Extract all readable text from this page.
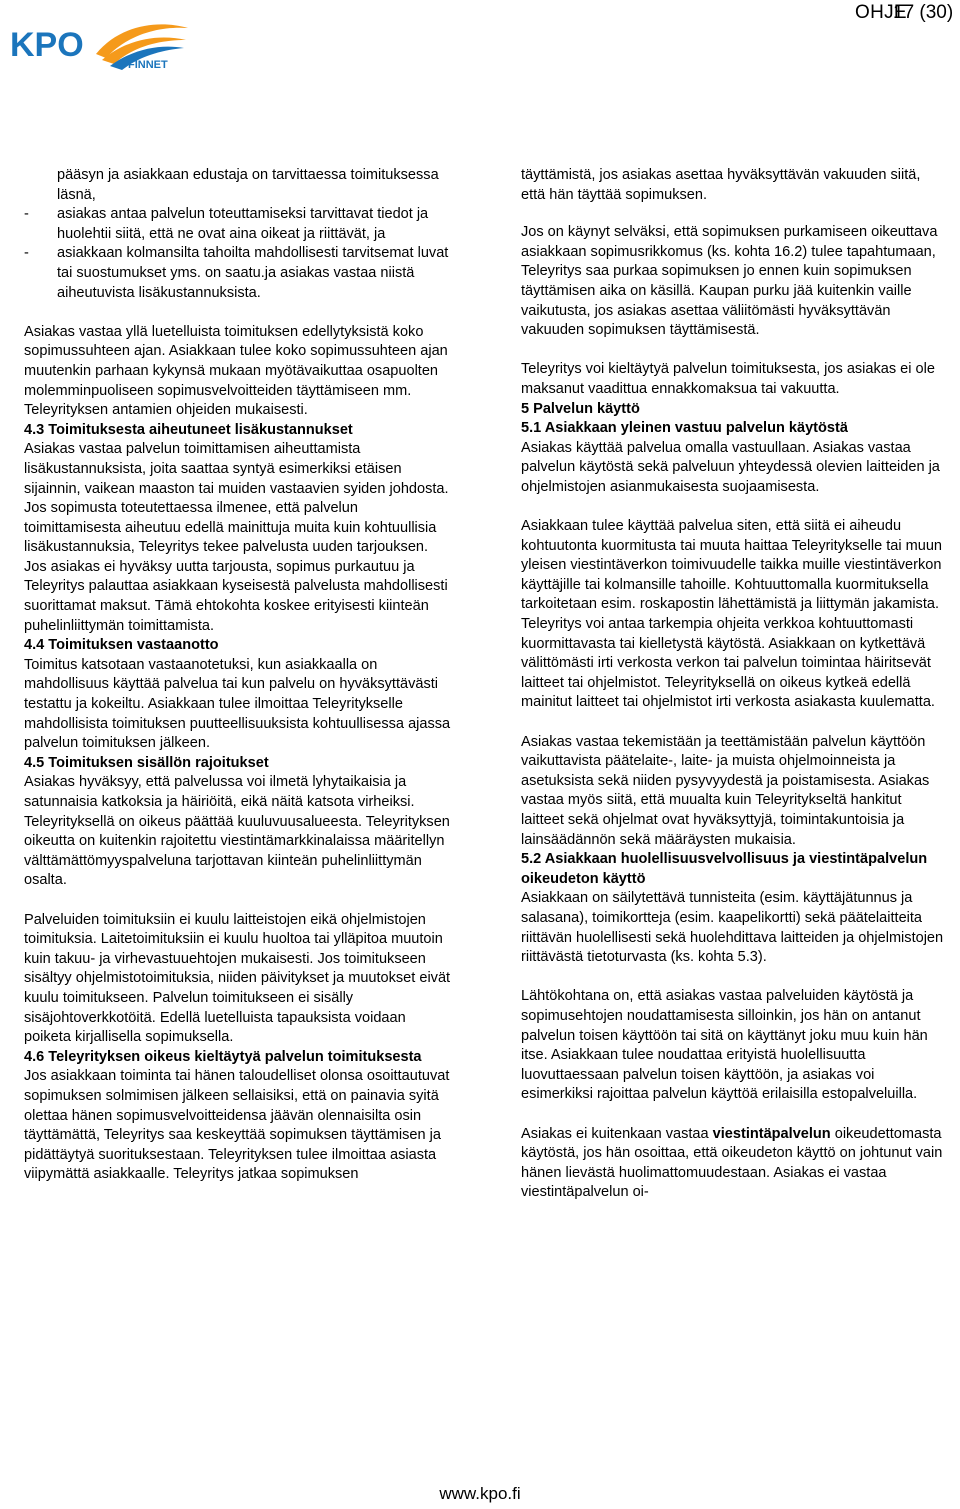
KPO
FINNET
OHJE
17 (30)

pääsyn ja asiakkaan edustaja on tarvittaessa toimituksessa läsnä,

-	asiakas antaa palvelun toteuttamiseksi tarvittavat tiedot ja huolehtii siitä, että ne ovat aina oikeat ja riittävät, ja
-	asiakkaan kolmansilta tahoilta mahdollisesti tarvitsemat luvat tai suostumukset yms. on saatu.ja asiakas vastaa niistä aiheutuvista lisäkustannuksista.

Asiakas vastaa yllä luetelluista toimituksen edellytyksistä koko sopimussuhteen ajan. Asiakkaan tulee koko sopimussuhteen ajan muutenkin parhaan kykynsä mukaan myötävaikuttaa osapuolten molemminpuoliseen sopimusvelvoitteiden täyttämiseen mm. Teleyrityksen antamien ohjeiden mukaisesti.

4.3 Toimituksesta aiheutuneet lisäkustannukset

Asiakas vastaa palvelun toimittamisen aiheuttamista lisäkustannuksista, joita saattaa syntyä esimerkiksi etäisen sijainnin, vaikean maaston tai muiden vastaavien syiden johdosta. Jos sopimusta toteutettaessa ilmenee, että palvelun toimittamisesta aiheutuu edellä mainittuja muita kuin kohtuullisia lisäkustannuksia, Teleyritys tekee palvelusta uuden tarjouksen. Jos asiakas ei hyväksy uutta tarjousta, sopimus purkautuu ja Teleyritys palauttaa asiakkaan kyseisestä palvelusta mahdollisesti suorittamat maksut. Tämä ehtokohta koskee erityisesti kiinteän puhelinliittymän toimittamista.

4.4 Toimituksen vastaanotto

Toimitus katsotaan vastaanotetuksi, kun asiakkaalla on mahdollisuus käyttää palvelua tai kun palvelu on hyväksyttävästi testattu ja kokeiltu. Asiakkaan tulee ilmoittaa Teleyritykselle mahdollisista toimituksen puutteellisuuksista kohtuullisessa ajassa palvelun toimituksen jälkeen.

4.5 Toimituksen sisällön rajoitukset

Asiakas hyväksyy, että palvelussa voi ilmetä lyhytaikaisia ja satunnaisia katkoksia ja häiriöitä, eikä näitä katsota virheiksi. Teleyrityksellä on oikeus päättää kuuluvuusalueesta. Teleyrityksen oikeutta on kuitenkin rajoitettu viestintämarkkinalaissa määritellyn välttämättömyyspalveluna tarjottavan kiinteän puhelinliittymän osalta.

Palveluiden toimituksiin ei kuulu laitteistojen eikä ohjelmistojen toimituksia. Laitetoimituksiin ei kuulu huoltoa tai ylläpitoa muutoin kuin takuu- ja virhevastuuehtojen mukaisesti. Jos toimitukseen sisältyy ohjelmistotoimituksia, niiden päivitykset ja muutokset eivät kuulu toimitukseen. Palvelun toimitukseen ei sisälly sisäjohtoverkkotöitä. Edellä luetelluista tapauksista voidaan poiketa kirjallisella sopimuksella.

4.6 Teleyrityksen oikeus kieltäytyä palvelun toimituksesta

Jos asiakkaan toiminta tai hänen taloudelliset olonsa osoittautuvat sopimuksen solmimisen jälkeen sellaisiksi, että on painavia syitä olettaa hänen sopimusvelvoitteidensa jäävän olennaisilta osin täyttämättä, Teleyritys saa keskeyttää sopimuksen täyttämisen ja pidättäytyä suorituksestaan. Teleyrityksen tulee ilmoittaa asiasta viipymättä asiakkaalle. Teleyritys jatkaa sopimuksen

täyttämistä, jos asiakas asettaa hyväksyttävän vakuuden siitä, että hän täyttää sopimuksen.

Jos on käynyt selväksi, että sopimuksen purkamiseen oikeuttava asiakkaan sopimusrikkomus (ks. kohta 16.2) tulee tapahtumaan, Teleyritys saa purkaa sopimuksen jo ennen kuin sopimuksen täyttämisen aika on käsillä. Kaupan purku jää kuitenkin vaille vaikutusta, jos asiakas asettaa väliitömästi hyväksyttävän vakuuden sopimuksen täyttämisestä.

Teleyritys voi kieltäytyä palvelun toimituksesta, jos asiakas ei ole maksanut vaadittua ennakkomaksua tai vakuutta.

5 Palvelun käyttö

5.1 Asiakkaan yleinen vastuu palvelun käytöstä

Asiakas käyttää palvelua omalla vastuullaan. Asiakas vastaa palvelun käytöstä sekä palveluun yhteydessä olevien laitteiden ja ohjelmistojen asianmukaisesta suojaamisesta.

Asiakkaan tulee käyttää palvelua siten, että siitä ei aiheudu kohtuutonta kuormitusta tai muuta haittaa Teleyritykselle tai muun yleisen viestintäverkon toimivuudelle taikka muille viestintäverkon käyttäjille tai kolmansille tahoille. Kohtuuttomalla kuormituksella tarkoitetaan esim. roskapostin lähettämistä ja liittymän jakamista. Teleyritys voi antaa tarkempia ohjeita verkkoa kohtuuttomasti kuormittavasta tai kielletystä käytöstä. Asiakkaan on kytkettävä välittömästi irti verkosta verkon tai palvelun toimintaa häiritsevät laitteet tai ohjelmistot. Teleyrityksellä on oikeus kytkeä edellä mainitut laitteet tai ohjelmistot irti verkosta asiakasta kuulematta.

Asiakas vastaa tekemistään ja teettämistään palvelun käyttöön vaikuttavista päätelaite-, laite- ja muista ohjelmoinneista ja asetuksista sekä niiden pysyvyydestä ja poistamisesta. Asiakas vastaa myös siitä, että muualta kuin Teleyritykseltä hankitut laitteet sekä ohjelmat ovat hyväksyttyjä, toimintakuntoisia ja lainsäädännön sekä määräysten mukaisia.

5.2 Asiakkaan huolellisuusvelvollisuus ja viestintäpalvelun oikeudeton käyttö

Asiakkaan on säilytettävä tunnisteita (esim. käyttäjätunnus ja salasana), toimikortteja (esim. kaapelikortti) sekä päätelaitteita riittävän huolellisesti sekä huolehdittava laitteiden ja ohjelmistojen riittävästä tietoturvasta (ks. kohta 5.3).

Lähtökohtana on, että asiakas vastaa palveluiden käytöstä ja sopimusehtojen noudattamisesta silloinkin, jos hän on antanut palvelun toisen käyttöön tai sitä on käyttänyt joku muu kuin hän itse. Asiakkaan tulee noudattaa erityistä huolellisuutta luovuttaessaan palvelun toisen käyttöön, ja asiakas voi esimerkiksi rajoittaa palvelun käyttöä erilaisilla estopalveluilla.

Asiakas ei kuitenkaan vastaa viestintäpalvelun oikeudettomasta käytöstä, jos hän osoittaa, että oikeudeton käyttö on johtunut vain hänen lievästä huolimattomuudestaan. Asiakas ei vastaa viestintäpalvelun oi-

www.kpo.fi
